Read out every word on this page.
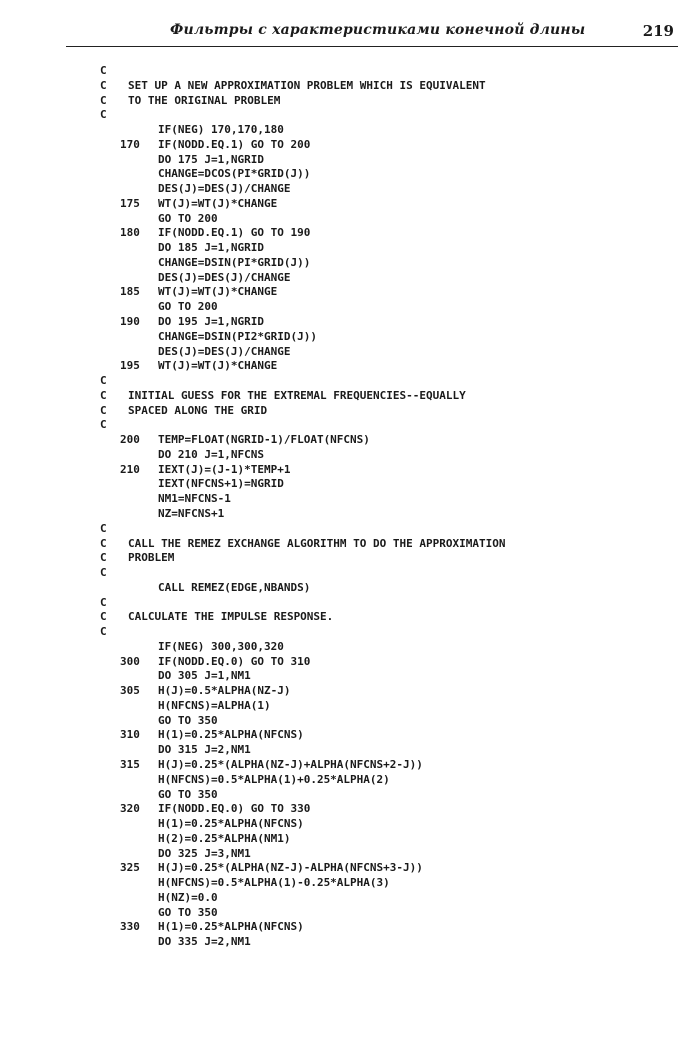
Фильтры с характеристиками конечной длины	219
C
C SET UP A NEW APPROXIMATION PROBLEM WHICH IS EQUIVALENT
C TO THE ORIGINAL PROBLEM
C
IF(NEG) 170,170,180
170 IF(NODD.EQ.1) GO TO 200
DO 175 J=1,NGRID
CHANGE=DCOS(PI*GRID(J))
DES(J)=DES(J)/CHANGE
175 WT(J)=WT(J)*CHANGE
GO TO 200
180 IF(NODD.EQ.1) GO TO 190
DO 185 J=1,NGRID
CHANGE=DSIN(PI*GRID(J))
DES(J)=DES(J)/CHANGE
185 WT(J)=WT(J)*CHANGE
GO TO 200
190 DO 195 J=1,NGRID
CHANGE=DSIN(PI2*GRID(J))
DES(J)=DES(J)/CHANGE
195 WT(J)=WT(J)*CHANGE
C
C INITIAL GUESS FOR THE EXTREMAL FREQUENCIES--EQUALLY
C SPACED ALONG THE GRID
C
200 TEMP=FLOAT(NGRID-1)/FLOAT(NFCNS)
DO 210 J=1,NFCNS
210 IEXT(J)=(J-1)*TEMP+1
IEXT(NFCNS+1)=NGRID
NM1=NFCNS-1
NZ=NFCNS+1
C
C CALL THE REMEZ EXCHANGE ALGORITHM TO DO THE APPROXIMATION
C PROBLEM
C
CALL REMEZ(EDGE,NBANDS)
C
C CALCULATE THE IMPULSE RESPONSE.
C
IF(NEG) 300,300,320
300 IF(NODD.EQ.0) GO TO 310
DO 305 J=1,NM1
305 H(J)=0.5*ALPHA(NZ-J)
H(NFCNS)=ALPHA(1)
GO TO 350
310 H(1)=0.25*ALPHA(NFCNS)
DO 315 J=2,NM1
315 H(J)=0.25*(ALPHA(NZ-J)+ALPHA(NFCNS+2-J))
H(NFCNS)=0.5*ALPHA(1)+0.25*ALPHA(2)
GO TO 350
320 IF(NODD.EQ.0) GO TO 330
H(1)=0.25*ALPHA(NFCNS)
H(2)=0.25*ALPHA(NM1)
DO 325 J=3,NM1
325 H(J)=0.25*(ALPHA(NZ-J)-ALPHA(NFCNS+3-J))
H(NFCNS)=0.5*ALPHA(1)-0.25*ALPHA(3)
H(NZ)=0.0
GO TO 350
330 H(1)=0.25*ALPHA(NFCNS)
DO 335 J=2,NM1
